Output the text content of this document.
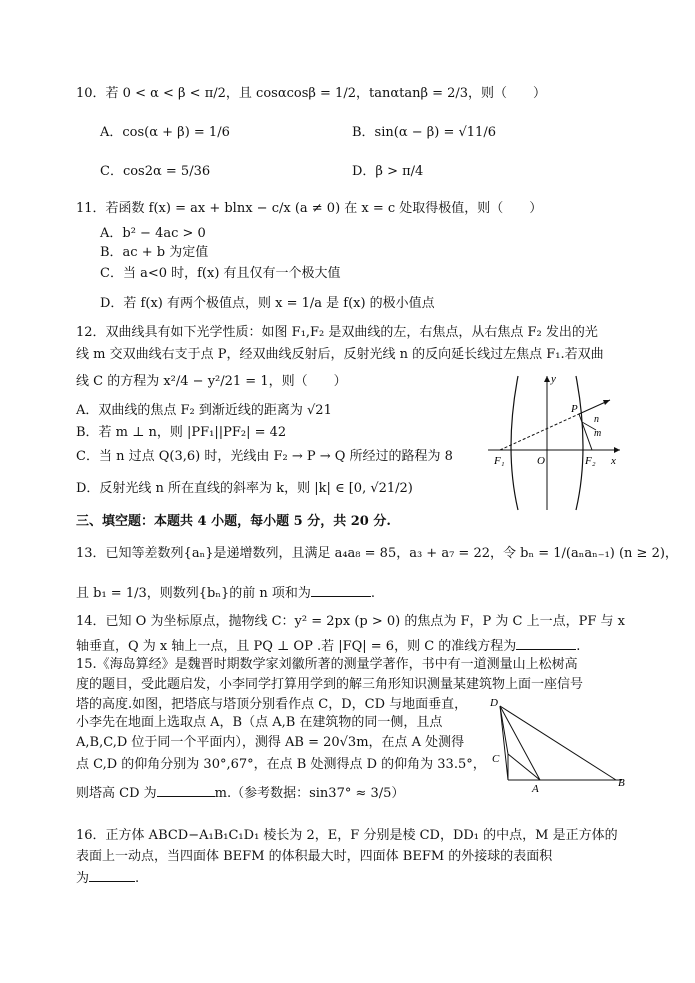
10．若 0 < α < β < π/2，且 cosαcosβ = 1/2，tanαtanβ = 2/3，则（　　）
A．cos(α + β) = 1/6	B．sin(α − β) = √11/6
C．cos2α = 5/36	D．β > π/4
11．若函数 f(x) = ax + blnx − c/x (a ≠ 0) 在 x = c 处取得极值，则（　　）
A．b² − 4ac > 0
B．ac + b 为定值
C．当 a<0 时，f(x) 有且仅有一个极大值
D．若 f(x) 有两个极值点，则 x = 1/a 是 f(x) 的极小值点
12．双曲线具有如下光学性质：如图 F₁,F₂ 是双曲线的左，右焦点，从右焦点 F₂ 发出的光
线 m 交双曲线右支于点 P，经双曲线反射后，反射光线 n 的反向延长线过左焦点 F₁.若双曲
线 C 的方程为 x²/4 − y²/21 = 1，则（　　）
A．双曲线的焦点 F₂ 到渐近线的距离为 √21
B．若 m ⊥ n，则 |PF₁||PF₂| = 42
C．当 n 过点 Q(3,6) 时，光线由 F₂ → P → Q 所经过的路程为 8
D．反射光线 n 所在直线的斜率为 k，则 |k| ∈ [0, √21/2)
y
x
P
n
m
F₁	O	F₂
三、填空题：本题共 4 小题，每小题 5 分，共 20 分.
13．已知等差数列{aₙ}是递增数列，且满足 a₄a₈ = 85，a₃ + a₇ = 22，令 bₙ = 1/(aₙaₙ₋₁) (n ≥ 2)，
且 b₁ = 1/3，则数列{bₙ}的前 n 项和为	.
14．已知 O 为坐标原点，抛物线 C：y² = 2px (p > 0) 的焦点为 F，P 为 C 上一点，PF 与 x
轴垂直，Q 为 x 轴上一点，且 PQ ⊥ OP .若 |FQ| = 6，则 C 的准线方程为	.
15.《海岛算经》是魏晋时期数学家刘徽所著的测量学著作，书中有一道测量山上松树高
度的题目，受此题启发，小李同学打算用学到的解三角形知识测量某建筑物上面一座信号
塔的高度.如图，把塔底与塔顶分别看作点 C，D，CD 与地面垂直，
小李先在地面上选取点 A，B（点 A,B 在建筑物的同一侧，且点
A,B,C,D 位于同一个平面内），测得 AB = 20√3m，在点 A 处测得
点 C,D 的仰角分别为 30°,67°，在点 B 处测得点 D 的仰角为 33.5°，
则塔高 CD 为	m.（参考数据：sin37° ≈ 3/5）
D
C
A	B
16．正方体 ABCD−A₁B₁C₁D₁ 棱长为 2，E，F 分别是棱 CD，DD₁ 的中点，M 是正方体的
表面上一动点，当四面体 BEFM 的体积最大时，四面体 BEFM 的外接球的表面积
为	.
